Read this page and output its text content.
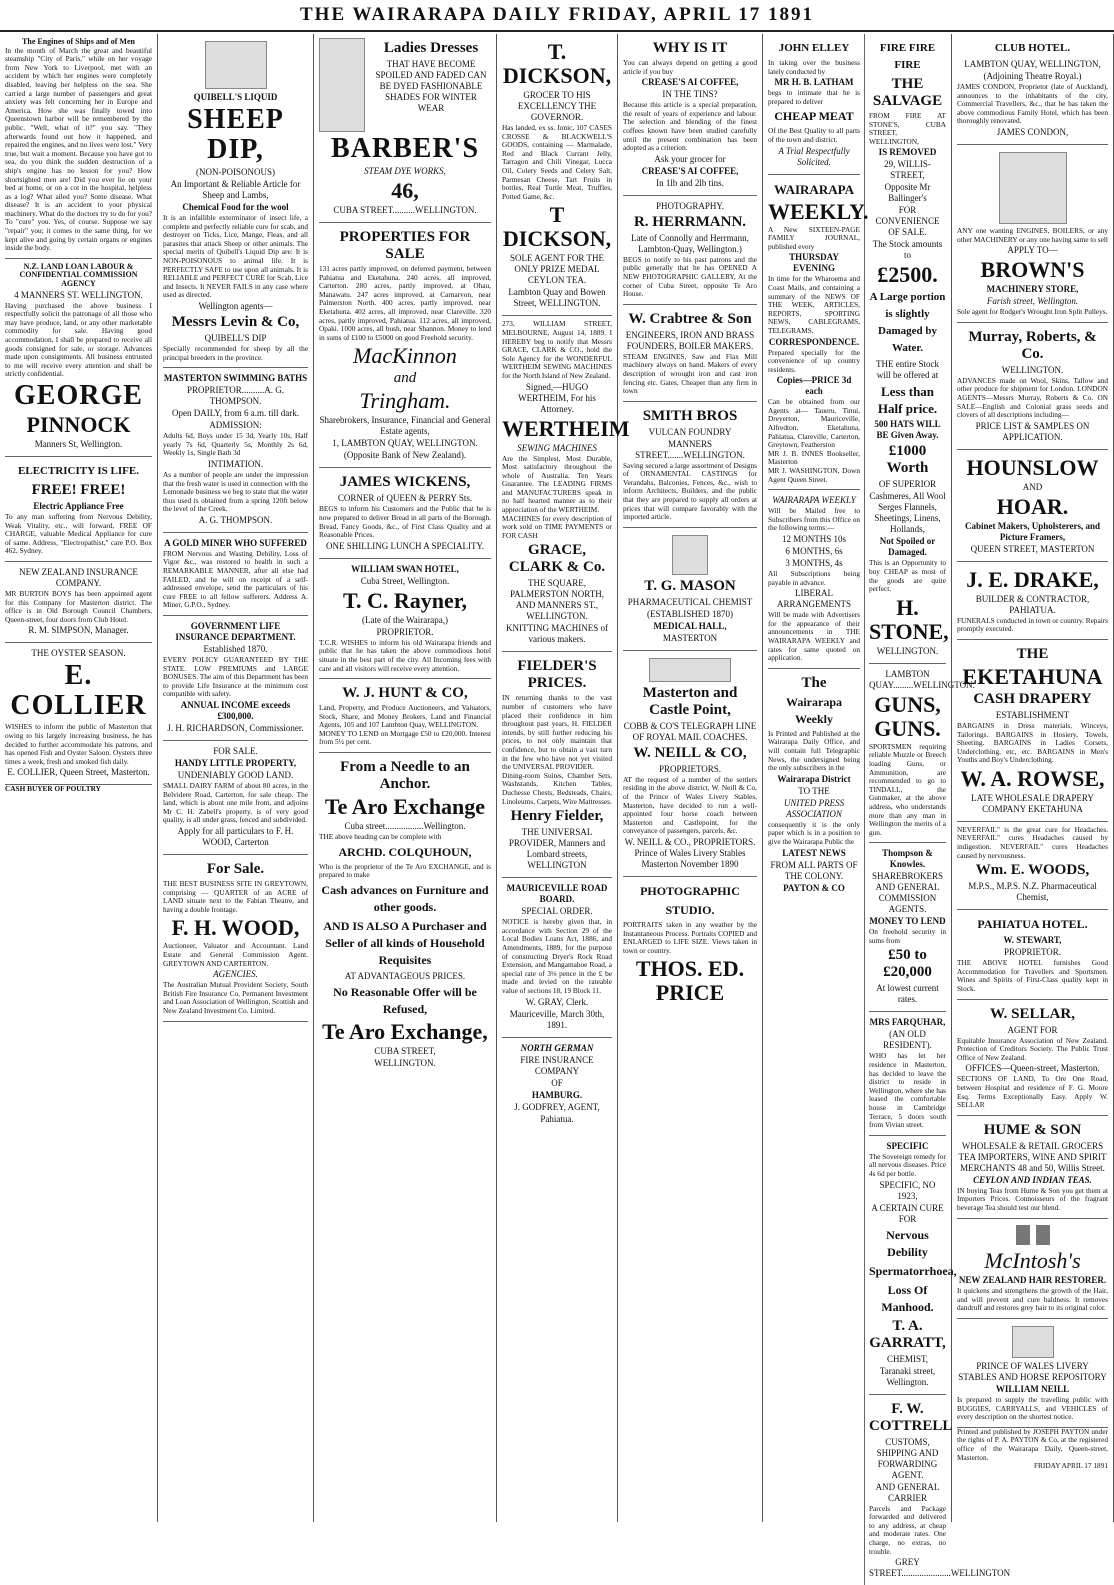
THE WAIRARAPA DAILY FRIDAY, APRIL 17 1891
The Engines of Ships and of Men
In the month of March the great and beautiful steamship "City of Paris," while on her voyage from New York to Liverpool, met with an accident by which her engines were completely disabled, leaving her helpless on the sea. She carried a large number of passengers and great anxiety was felt concerning her in Europe and America. How she was finally towed into Queenstown harbor will be remembered by the public. "Well, what of it?" you say. "They afterwards found out how it happened, and repaired the engines, and no lives were lost." Very true, but wait a moment. Because you have got to sea, do you think the sudden destruction of a ship's engine has no lesson for you? How shortsighted men are! Did you ever lie on your bed at home, or on a cot in the hospital, helpless as a log? What ailed you? Some disease. What disease? It is an accident to your physical machinery. What do the doctors try to do for you? To "cure" you. Yes, of course. Suppose we say "repair" you; it comes to the same thing, for we kept alive and going by certain organs or engines inside the body.
N.Z. LAND LOAN LABOUR & CONFIDENTIAL COMMISSION AGENCY
4 MANNERS ST. WELLINGTON.
Having purchased the above business I respectfully solicit the patronage of all those who may have produce, land, or any other marketable commodity for sale. Having good accommodation, I shall be prepared to receive all goods consigned for sale, or storage. Advances made upon consignments. All business entrusted to me will receive every attention and shall be strictly confidential.
GEORGE
PINNOCK
Manners St, Wellington.
ELECTRICITY IS LIFE.
FREE! FREE!
Electric Appliance Free
To any man suffering from Nervous Debility, Weak Vitality, etc., will forward, FREE OF CHARGE, valuable Medical Appliance for cure of same. Address, "Electropathist," care P.O. Box 462, Sydney.
NEW ZEALAND INSURANCE COMPANY.
MR BURTON BOYS has been appointed agent for this Company for Masterton district. The office is in Old Borough Council Chambers, Queen-street, four doors from Club Hotel.
R. M. SIMPSON, Manager.
THE OYSTER SEASON.
E. COLLIER
WISHES to inform the public of Masterton that owing to his largely increasing business, he has decided to further accommodate his patrons, and has opened Fish and Oyster Saloon. Oysters three times a week, fresh and smoked fish daily.
E. COLLIER, Queen Street, Masterton.
CASH BUYER OF POULTRY
QUIBELL'S LIQUID
SHEEP DIP,
(NON-POISONOUS)
An Important & Reliable Article for Sheep and Lambs,
Chemical Food for the wool
It is an infallible exterminator of insect life, a complete and perfectly reliable cure for scab, and destroyer on Ticks, Lice, Mange, Fleas, and all parasites that attack Sheep or other animals. The special merits of Quibell's Liquid Dip are: It is NON-POISONOUS to animal life. It is PERFECTLY SAFE to use upon all animals. It is RELIABLE and PERFECT CURE for Scab, Lice and Insects. It NEVER FAILS in any case where used as directed.
Wellington agents—
Messrs Levin & Co,
QUIBELL'S DIP
Specially recommended for sheep by all the principal breeders in the province.
MASTERTON SWIMMING BATHS
PROPRIETOR..........A. G. THOMPSON.
Open DAILY, from 6 a.m. till dark.
ADMISSION:
Adults 6d, Boys under 15 3d, Yearly 10s, Half yearly 7s 6d, Quarterly 5s, Monthly 2s 6d, Weekly 1s, Single Bath 3d
INTIMATION.
As a number of people are under the impression that the fresh water is used in connection with the Lemonade business we beg to state that the water thus used is obtained from a spring 120ft below the level of the Creek.
A. G. THOMPSON.
A GOLD MINER WHO SUFFERED
FROM Nervous and Wasting Debility, Loss of Vigor &c., was restored to health in such a REMARKABLE MANNER, after all else had FAILED, and he will on receipt of a self-addressed envelope, send the particulars of his cure FREE to all fellow sufferers. Address A. Miner, G.P.O., Sydney.
GOVERNMENT LIFE INSURANCE DEPARTMENT.
Established 1870.
EVERY POLICY GUARANTEED BY THE STATE. LOW PREMIUMS and LARGE BONUSES. The aim of this Department has been to provide Life Insurance at the minimum cost compatible with safety.
ANNUAL INCOME exceeds £300,000.
J. H. RICHARDSON, Commissioner.
FOR SALE.
HANDY LITTLE PROPERTY,
UNDENIABLY GOOD LAND.
SMALL DAIRY FARM of about 80 acres, in the Belvidere Road, Carterton, for sale cheap. The land, which is about one mile from, and adjoins Mr C. H. Zabell's property, is of very good quality, is all under grass, fenced and subdivided.
Apply for all particulars to F. H. WOOD, Carterton
For Sale.
THE BEST BUSINESS SITE IN GREYTOWN, comprising — QUARTER of an ACRE of LAND situate next to the Fabian Theatre, and having a double frontage.
F. H. WOOD,
Auctioneer, Valuator and Accountant. Land Estate and General Commission Agent. GREYTOWN AND CARTERTON.
AGENCIES.
The Australian Mutual Provident Society, South British Fire Insurance Co, Permanent Investment and Loan Association of Wellington, Scottish and New Zealand Investment Co. Limited.
Ladies Dresses
THAT HAVE BECOME SPOILED AND FADED CAN BE DYED FASHIONABLE SHADES FOR WINTER WEAR
BARBER'S
STEAM DYE WORKS,
46,
CUBA STREET..........WELLINGTON.
PROPERTIES FOR SALE
131 acres partly improved, on deferred payment, between Pahiatua and Eketahuna. 240 acres, all improved, Carterton. 280 acres, partly improved, at Ohau, Manawatu. 247 acres improved, at Carnarvon, near Palmerston North. 400 acres, partly improved, near Eketahuna. 402 acres, all improved, near Clareville. 320 acres, partly improved, Pahiatua. 112 acres, all improved, Opaki. 1000 acres, all bush, near Shannon. Money to lend in sums of £100 to £5000 on good Freehold security.
MacKinnon
and
Tringham.
Sharebrokers, Insurance, Financial and General Estate agents,
1, LAMBTON QUAY, WELLINGTON.
(Opposite Bank of New Zealand).
JAMES WICKENS,
CORNER of QUEEN & PERRY Sts.
BEGS to inform his Customers and the Public that he is now prepared to deliver Bread in all parts of the Borough. Bread, Fancy Goods, &c., of First Class Quality and at Reasonable Prices.
ONE SHILLING LUNCH A SPECIALITY.
WILLIAM SWAN HOTEL,
Cuba Street, Wellington.
T. C. Rayner,
(Late of the Wairarapa,)
PROPRIETOR.
T.C.R. WISHES to inform his old Wairarapa friends and public that he has taken the above commodious hotel situate in the best part of the city. All Incoming fees with care and all visitors will receive every attention.
W. J. HUNT & CO,
Land, Property, and Produce Auctioneers, and Valuators, Stock, Share, and Money Brokers, Land and Financial Agents, 105 and 107 Lambton Quay, WELLINGTON.
MONEY TO LEND on Mortgage £50 to £20,000. Interest from 5½ per cent.
From a Needle to an Anchor.
Te Aro Exchange
Cuba street.................Wellington.
THE above heading can be complete with
ARCHD. COLQUHOUN,
Who is the proprietor of the Te Aro EXCHANGE, and is prepared to make
Cash advances on Furniture and other goods.
AND IS ALSO A Purchaser and Seller of all kinds of Household Requisites
AT ADVANTAGEOUS PRICES.
No Reasonable Offer will be Refused,
Te Aro Exchange,
CUBA STREET,
WELLINGTON.
T. DICKSON,
GROCER TO HIS EXCELLENCY THE GOVERNOR.
Has landed, ex ss. Ionic, 107 CASES CROSSE & BLACKWELL'S GOODS, containing — Marmalade, Red and Black Currant Jelly, Tarragon and Chili Vinegar, Lucca Oil, Colery Seeds and Celery Salt, Parmesan Cheese, Tart Fruits in bottles, Real Turtle Meat, Truffles, Potted Game, &c.
T DICKSON,
SOLE AGENT FOR THE ONLY PRIZE MEDAL CEYLON TEA.
Lambton Quay and Bowen Street, WELLINGTON.
273, WILLIAM STREET, MELBOURNE, August 14, 1889. I HEREBY beg to notify that Messrs GRACE, CLARK & CO., hold the Sole Agency for the WONDERFUL WERTHEIM SEWING MACHINES for the North Island of New Zealand.
Signed,—HUGO WERTHEIM, For his Attorney.
WERTHEIM
SEWING MACHINES
Are the Simplest, Most Durable, Most satisfactory throughout the whole of Australia. Ten Years Guarantee. The LEADING FIRMS and MANUFACTURERS speak in no half hearted manner as to their appreciation of the WERTHEIM.
MACHINES for every description of work sold on TIME PAYMENTS or FOR CASH
GRACE, CLARK & Co.
THE SQUARE, PALMERSTON NORTH, AND MANNERS ST., WELLINGTON.
KNITTING MACHINES of various makers.
FIELDER'S PRICES.
IN returning thanks to the vast number of customers who have placed their confidence in him throughout past years, H. FIELDER intends, by still further reducing his prices, to not only maintain that confidence, but to obtain a vast turn in the few who have not yet visited the UNIVERSAL PROVIDER.
Dining-room Suites, Chamber Sets, Washstands, Kitchen Tables, Duchesse Chests, Bedsteads, Chairs, Linoleums, Carpets, Wire Mattresses.
Henry Fielder,
THE UNIVERSAL PROVIDER, Manners and Lombard streets, WELLINGTON
MAURICEVILLE ROAD BOARD.
SPECIAL ORDER.
NOTICE is hereby given that, in accordance with Section 29 of the Local Bodies Loans Act, 1886, and Amendments, 1889, for the purpose of constructing Dryer's Rock Road Extension, and Mangamahoe Road, a special rate of 3⅛ pence in the £ be made and levied on the rateable value of sections 18, 19 Block 11.
W. GRAY, Clerk.
Mauriceville, March 30th, 1891.
NORTH GERMAN
FIRE INSURANCE COMPANY
OF
HAMBURG.
J. GODFREY, AGENT,
Pahiatua.
WHY IS IT
You can always depend on getting a good article if you buy
CREASE'S AI COFFEE,
IN THE TINS?
Because this article is a special preparation, the result of years of experience and labour. The selection and blending of the finest coffees known have been studied carefully until the present combination has been adopted as a criterion.
Ask your grocer for
CREASE'S AI COFFEE,
In 1lb and 2lb tins.
PHOTOGRAPHY.
R. HERRMANN.
Late of Connolly and Herrmann, Lambton-Quay, Wellington.)
BEGS to notify to his past patrons and the public generally that he has OPENED A NEW PHOTOGRAPHIC GALLERY, At the corner of Cuba Street, opposite Te Aro House.
W. Crabtree & Son
ENGINEERS, IRON AND BRASS FOUNDERS, BOILER MAKERS.
STEAM ENGINES, Saw and Flax Mill machinery always on hand. Makers of every description of wrought iron and cast iron fencing etc. Gates, Cheaper than any firm in town
SMITH BROS
VULCAN FOUNDRY
MANNERS STREET.......WELLINGTON.
Saving secured a large assortment of Designs of ORNAMENTAL CASTINGS for Verandahs, Balconies, Fences, &c., wish to inform Architects, Builders, and the public that they are prepared to supply all orders at prices that will compare favorably with the imported article.
T. G. MASON
PHARMACEUTICAL CHEMIST
(ESTABLISHED 1870)
MEDICAL HALL,
MASTERTON
Masterton and Castle Point,
COBB & CO'S TELEGRAPH LINE OF ROYAL MAIL COACHES.
W. NEILL & CO,
PROPRIETORS.
AT the request of a number of the settlers residing in the above district, W. Neill & Co, of the Prince of Wales Livery Stables, Masterton, have decided to run a well-appointed four horse coach between Masterton and Castlepoint, for the conveyance of passengers, parcels, &c.
W. NEILL & CO., PROPRIETORS. Prince of Wales Livery Stables Masterton November 1890
PHOTOGRAPHIC
STUDIO.
PORTRAITS taken in any weather by the Instantaneous Process. Portraits COPIED and ENLARGED to LIFE SIZE. Views taken in town or country.
THOS. ED. PRICE
JOHN ELLEY
In taking over the business lately conducted by
MR H. B. LATHAM
begs to intimate that he is prepared to deliver
CHEAP MEAT
Of the Best Quality to all parts of the town and district.
A Trial Respectfully Solicited.
WAIRARAPA
WEEKLY.
A New SIXTEEN-PAGE FAMILY JOURNAL, published every
THURSDAY EVENING
In time for the Wharoema and Coast Mails, and containing a summary of the NEWS OF THE WEEK, ARTICLES, REPORTS, SPORTING NEWS, CABLEGRAMS, TELEGRAMS,
CORRESPONDENCE.
Prepared specially for the convenience of up country residents.
Copies—PRICE 3d each
Can be obtained from our Agents at— Taueru, Tinui, Dreyerton, Mauriceville, Alfredton, Eketahuna, Pahiatua, Clareville, Carterton, Greytown, Featherston
MR J. B. INNES Bookseller, Masterton
MR J. WASHINGTON, Down Agent Queen Street.
WAIRARAPA WEEKLY
Will be Mailed free to Subscribers from this Office on the following terms:—
12 MONTHS 10s
6 MONTHS, 6s
3 MONTHS, 4s
All Subscriptions being payable in advance.
LIBERAL ARRANGEMENTS
Will be made with Advertisers for the appearance of their announcements in THE WAIRARAPA WEEKLY and rates for same quoted on application.
The
Wairarapa Weekly
Is Printed and Published at the Wairarapa Daily Office, and will contain full Telegraphic News, the undersigned being the only subscribers in the
Wairarapa District
TO THE
UNITED PRESS ASSOCIATION
consequently it is the only paper which is in a position to give the Wairarapa Public the
LATEST NEWS
FROM ALL PARTS OF THE COLONY.
PAYTON & CO
FIRE FIRE FIRE
THE SALVAGE
FROM FIRE AT STONE'S, CUBA STREET, WELLINGTON,
IS REMOVED
29, WILLIS-STREET,
Opposite Mr Ballinger's
FOR CONVENIENCE OF SALE.
The Stock amounts to
£2500.
A Large portion is slightly Damaged by Water.
THE entire Stock will be offered at
Less than Half price.
500 HATS WILL BE Given Away.
£1000 Worth
OF SUPERIOR
Cashmeres, All Wool Serges Flannels, Sheetings, Linens, Hollands,
Not Spoiled or Damaged.
This is an Opportunity to buy CHEAP as most of the goods are quite perfect.
H. STONE,
WELLINGTON.
LAMBTON QUAY.........WELLINGTON.
GUNS, GUNS.
SPORTSMEN requiring reliable Muzzle or Breech loading Guns, or Ammunition, are recommended to go to TINDALL, the Gunmaker, at the above address, who understands more than any man in Wellington the merits of a gun.
Thompson & Knowles.
SHAREBROKERS AND GENERAL COMMISSION AGENTS.
MONEY TO LEND
On freehold security in sums from
£50 to £20,000
At lowest current rates.
MRS FARQUHAR,
(AN OLD RESIDENT).
WHO has let her residence in Masterton, has decided to leave the district to reside in Wellington, where she has leased the comfortable house in Cambridge Terrace, 5 doors south from Vivian street.
SPECIFIC
The Sovereign remedy for all nervous diseases. Price 4s 6d per bottle.
SPECIFIC, NO 1923,
A CERTAIN CURE FOR
Nervous Debility
Spermatorrhoea,
Loss Of Manhood.
T. A. GARRATT,
CHEMIST,
Taranaki street, Wellington.
F. W. COTTRELL
CUSTOMS, SHIPPING AND FORWARDING AGENT.
AND GENERAL CARRIER
Parcels and Package forwarded and delivered to any address, at cheap and moderate rates. One charge, no extras, no trouble.
GREY STREET......................WELLINGTON
CLUB HOTEL.
LAMBTON QUAY, WELLINGTON,
(Adjoining Theatre Royal.)
JAMES CONDON, Proprietor (late of Auckland), announces to the inhabitants of the city, Commercial Travellers, &c., that he has taken the above commodious Family Hotel, which has been thoroughly renovated.
JAMES CONDON,
ANY one wanting ENGINES, BOILERS, or any other MACHINERY or any one having same to sell
APPLY TO—
BROWN'S
MACHINERY STORE,
Farish street, Wellington.
Sole agent for Rodger's Wrought Iron Split Pulleys.
Murray, Roberts, & Co.
WELLINGTON.
ADVANCES made on Wool, Skins, Tallow and other produce for shipment for London. LONDON AGENTS—Messrs Murray, Roberts & Co. ON SALE—English and Colonial grass seeds and clovers of all descriptions including—
PRICE LIST & SAMPLES ON APPLICATION.
HOUNSLOW
AND
HOAR.
Cabinet Makers, Upholsterers, and Picture Framers,
QUEEN STREET, MASTERTON
J. E. DRAKE,
BUILDER & CONTRACTOR, PAHIATUA.
FUNERALS conducted in town or country. Repairs promptly executed.
THE
EKETAHUNA
CASH DRAPERY
ESTABLISHMENT
BARGAINS in Dress materials, Winceys, Tailorings. BARGAINS in Hosiery, Towels, Sheeting. BARGAINS in Ladies Corsets, Underclothing, etc, etc. BARGAINS in Men's Youths and Boy's Underclothing.
W. A. ROWSE,
LATE WHOLESALE DRAPERY COMPANY EKETAHUNA
NEVERFAIL" is the great cure for Headaches. NEVERFAIL" cures Headaches caused by indigestion. NEVERFAIL" cures Headaches caused by nervousness.
Wm. E. WOODS,
M.P.S., M.P.S. N.Z. Pharmaceutical Chemist,
PAHIATUA HOTEL.
W. STEWART,
PROPRIETOR.
THE ABOVE HOTEL furnishes Good Accommodation for Travellers and Sportsmen. Wines and Spirits of First-Class quality kept in Stock.
W. SELLAR,
AGENT FOR
Equitable Insurance Association of New Zealand. Protection of Creditors Society. The Public Trust Office of New Zealand.
OFFICES—Queen-street, Masterton.
SECTIONS OF LAND, To Ore One Road, between Hospital and residence of F. G. Moore Esq. Terms Exceptionally Easy. Apply W. SELLAR
HUME & SON
WHOLESALE & RETAIL GROCERS TEA IMPORTERS, WINE AND SPIRIT MERCHANTS 48 and 50, Willis Street.
CEYLON AND INDIAN TEAS.
IN buying Teas from Hume & Son you get them at Importers Prices. Connoisseurs of the fragrant beverage Tea should test our blend.
McIntosh's
NEW ZEALAND HAIR RESTORER.
It quickens and strengthens the growth of the Hair, and will prevent and cure baldness. It removes dandruff and restores grey hair to its original color.
PRINCE OF WALES LIVERY STABLES AND HORSE REPOSITORY
WILLIAM NEILL
Is prepared to supply the travelling public with BUGGIES, CARRYALLS, and VEHICLES of every description on the shortest notice.
Printed and published by JOSEPH PAYTON under the rights of P. A. PAYTON & Co, at the registered office of the Wairarapa Daily, Queen-street, Masterton.
FRIDAY APRIL 17 1891
